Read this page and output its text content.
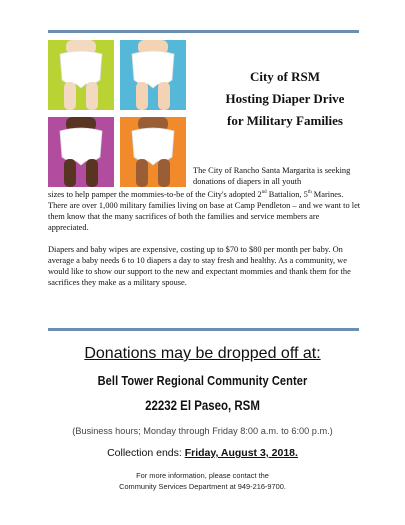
City of RSM
Hosting Diaper Drive
for Military Families
The City of Rancho Santa Margarita is seeking donations of diapers in all youth
sizes to help pamper the mommies-to-be of the City's adopted 2nd Battalion, 5th Marines. There are over 1,000 military families living on base at Camp Pendleton – and we want to let them know that the many sacrifices of both the families and service members are appreciated.
Diapers and baby wipes are expensive, costing up to $70 to $80 per month per baby. On average a baby needs 6 to 10 diapers a day to stay fresh and healthy. As a community, we would like to show our support to the new and expectant mommies and thank them for the sacrifices they make as a military spouse.
Donations may be dropped off at:
Bell Tower Regional Community Center
22232 El Paseo, RSM
(Business hours; Monday through Friday 8:00 a.m. to 6:00 p.m.)
Collection ends: Friday, August 3, 2018.
For more information, please contact the
Community Services Department at 949-216-9700.
